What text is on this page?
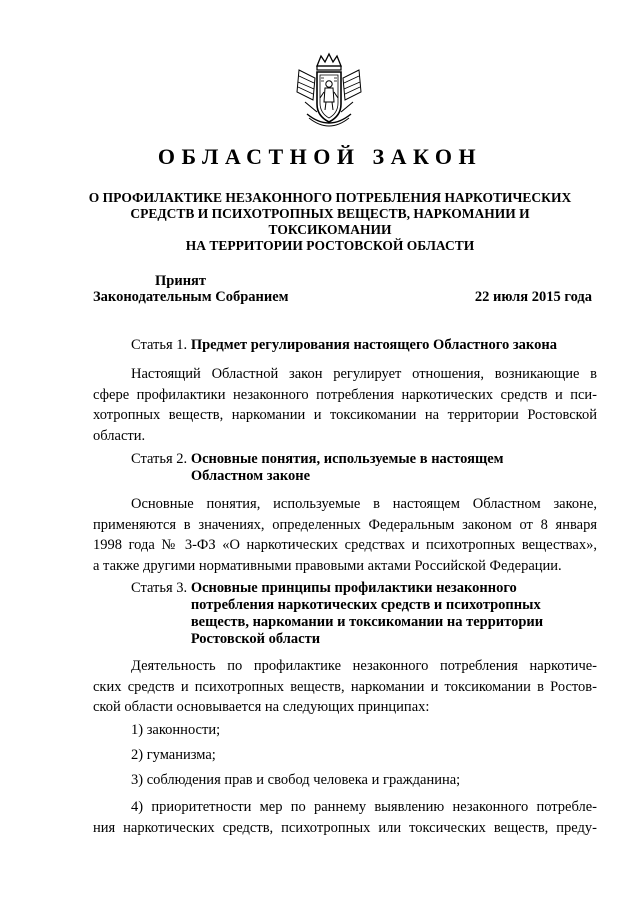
ОБЛАСТНОЙ ЗАКОН
О ПРОФИЛАКТИКЕ НЕЗАКОННОГО ПОТРЕБЛЕНИЯ НАРКОТИЧЕСКИХ
СРЕДСТВ И ПСИХОТРОПНЫХ ВЕЩЕСТВ, НАРКОМАНИИ И ТОКСИКОМАНИИ
НА ТЕРРИТОРИИ РОСТОВСКОЙ ОБЛАСТИ
Принят
Законодательным Собранием	22 июля 2015 года
Статья 1. Предмет регулирования настоящего Областного закона
Настоящий Областной закон регулирует отношения, возникающие в
сфере профилактики незаконного потребления наркотических средств и пси-
хотропных веществ, наркомании и токсикомании на территории Ростовской
области.
Статья 2. Основные понятия, используемые в настоящем
Областном законе
Основные понятия, используемые в настоящем Областном законе,
применяются в значениях, определенных Федеральным законом от 8 января
1998 года № 3-ФЗ «О наркотических средствах и психотропных веществах»,
а также другими нормативными правовыми актами Российской Федерации.
Статья 3. Основные принципы профилактики незаконного
потребления наркотических средств и психотропных
веществ, наркомании и токсикомании на территории
Ростовской области
Деятельность по профилактике незаконного потребления наркотиче-
ских средств и психотропных веществ, наркомании и токсикомании в Ростов-
ской области основывается на следующих принципах:
1) законности;
2) гуманизма;
3) соблюдения прав и свобод человека и гражданина;
4) приоритетности мер по раннему выявлению незаконного потребле-
ния наркотических средств, психотропных или токсических веществ, преду-
